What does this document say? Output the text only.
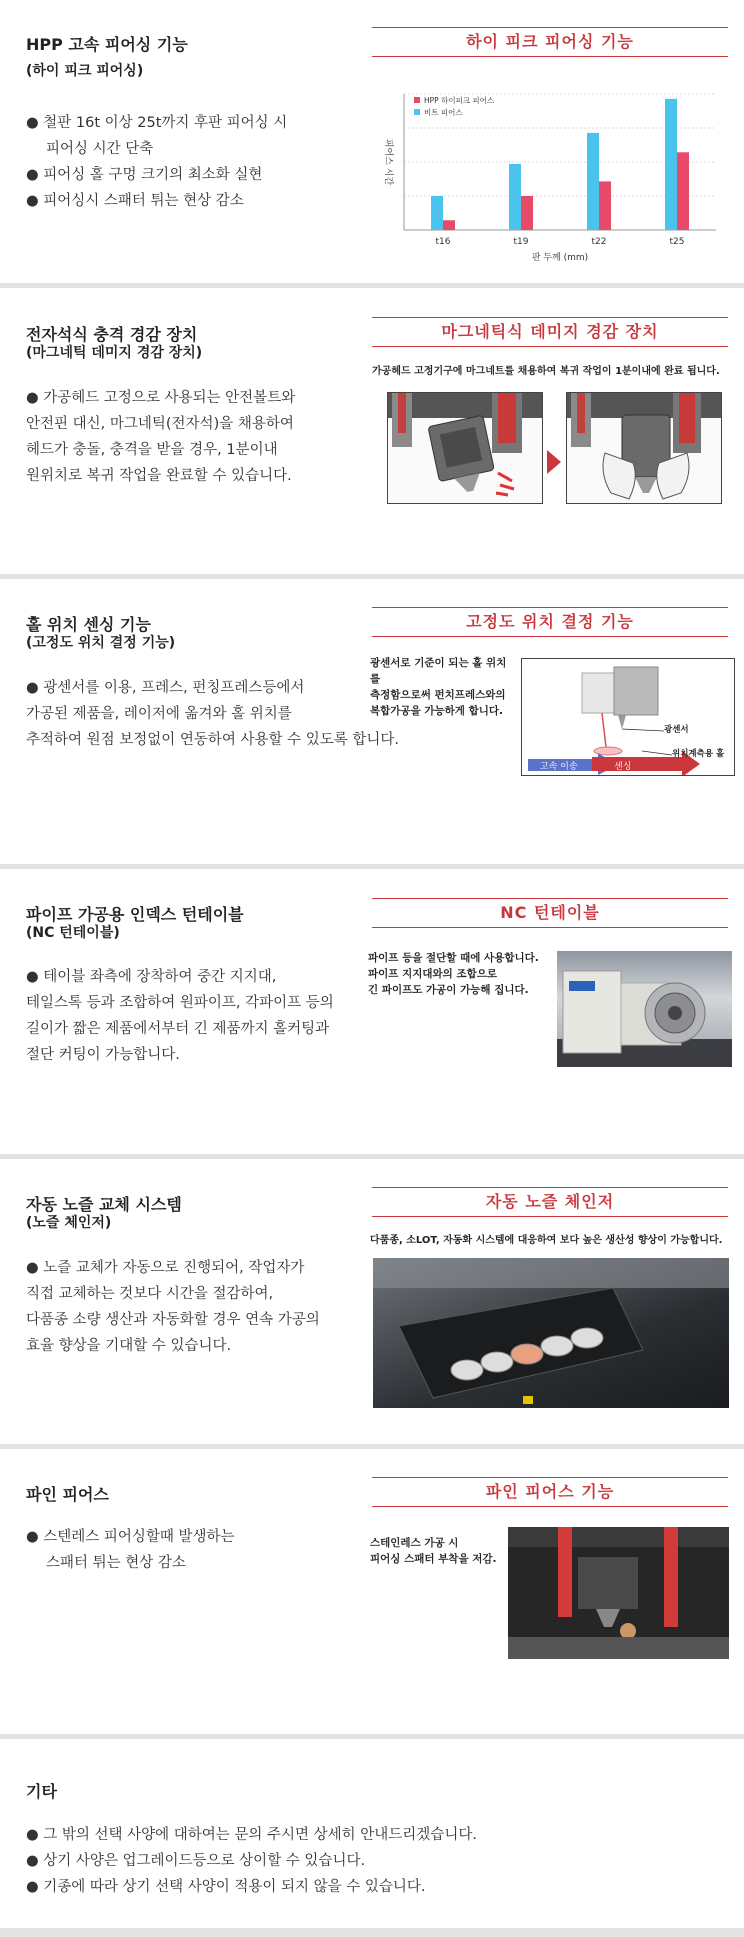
HPP 고속 피어싱 기능
(하이 피크 피어싱)
● 철판 16t 이상 25t까지 후판 피어싱 시
피어싱 시간 단축
● 피어싱 홀 구멍 크기의 최소화 실현
● 피어싱시 스패터 튀는 현상 감소
하이 피크 피어싱 기능
t16	t19	t22	t25
판 두께 (mm)
피어스 시간
HPP 하이피크 피어스
비트 피어스
전자석식 충격 경감 장치
(마그네틱 데미지 경감 장치)
● 가공헤드 고정으로 사용되는 안전볼트와
안전핀 대신, 마그네틱(전자석)을 채용하여
헤드가 충돌, 충격을 받을 경우, 1분이내
원위치로 복귀 작업을 완료할 수 있습니다.
마그네틱식 데미지 경감 장치
가공헤드 고정기구에 마그네트를 채용하여 복귀 작업이 1분이내에 완료 됩니다.
홀 위치 센싱 기능
(고정도 위치 결정 기능)
● 광센서를 이용, 프레스, 펀칭프레스등에서
가공된 제품을, 레이저에 옮겨와 홀 위치를
추적하여 원점 보정없이 연동하여 사용할 수 있도록 합니다.
고정도 위치 결정 기능
광센서로 기준이 되는 홀 위치를
측정함으로써 펀치프레스와의
복합가공을 가능하게 합니다.
고속 이송	센싱
광센서
위치계측용 홀
파이프 가공용 인덱스 턴테이블
(NC 턴테이블)
● 테이블 좌측에 장착하여 중간 지지대,
테일스톡 등과 조합하여 원파이프, 각파이프 등의
길이가 짧은 제품에서부터 긴 제품까지 홀커팅과
절단 커팅이 가능합니다.
NC 턴테이블
파이프 등을 절단할 때에 사용합니다.
파이프 지지대와의 조합으로
긴 파이프도 가공이 가능해 집니다.
자동 노즐 교체 시스템
(노즐 체인저)
● 노즐 교체가 자동으로 진행되어, 작업자가
직접 교체하는 것보다 시간을 절감하여,
다품종 소량 생산과 자동화할 경우 연속 가공의
효율 향상을 기대할 수 있습니다.
자동 노즐 체인저
다품종, 소LOT, 자동화 시스템에 대응하여 보다 높은 생산성 향상이 가능합니다.
파인 피어스
● 스텐레스 피어싱할때 발생하는
스패터 튀는 현상 감소
파인 피어스 기능
스테인레스 가공 시
피어싱 스패터 부착을 저감.
기타
● 그 밖의 선택 사양에 대하여는 문의 주시면 상세히 안내드리겠습니다.
● 상기 사양은 업그레이드등으로 상이할 수 있습니다.
● 기종에 따라 상기 선택 사양이 적용이 되지 않을 수 있습니다.
